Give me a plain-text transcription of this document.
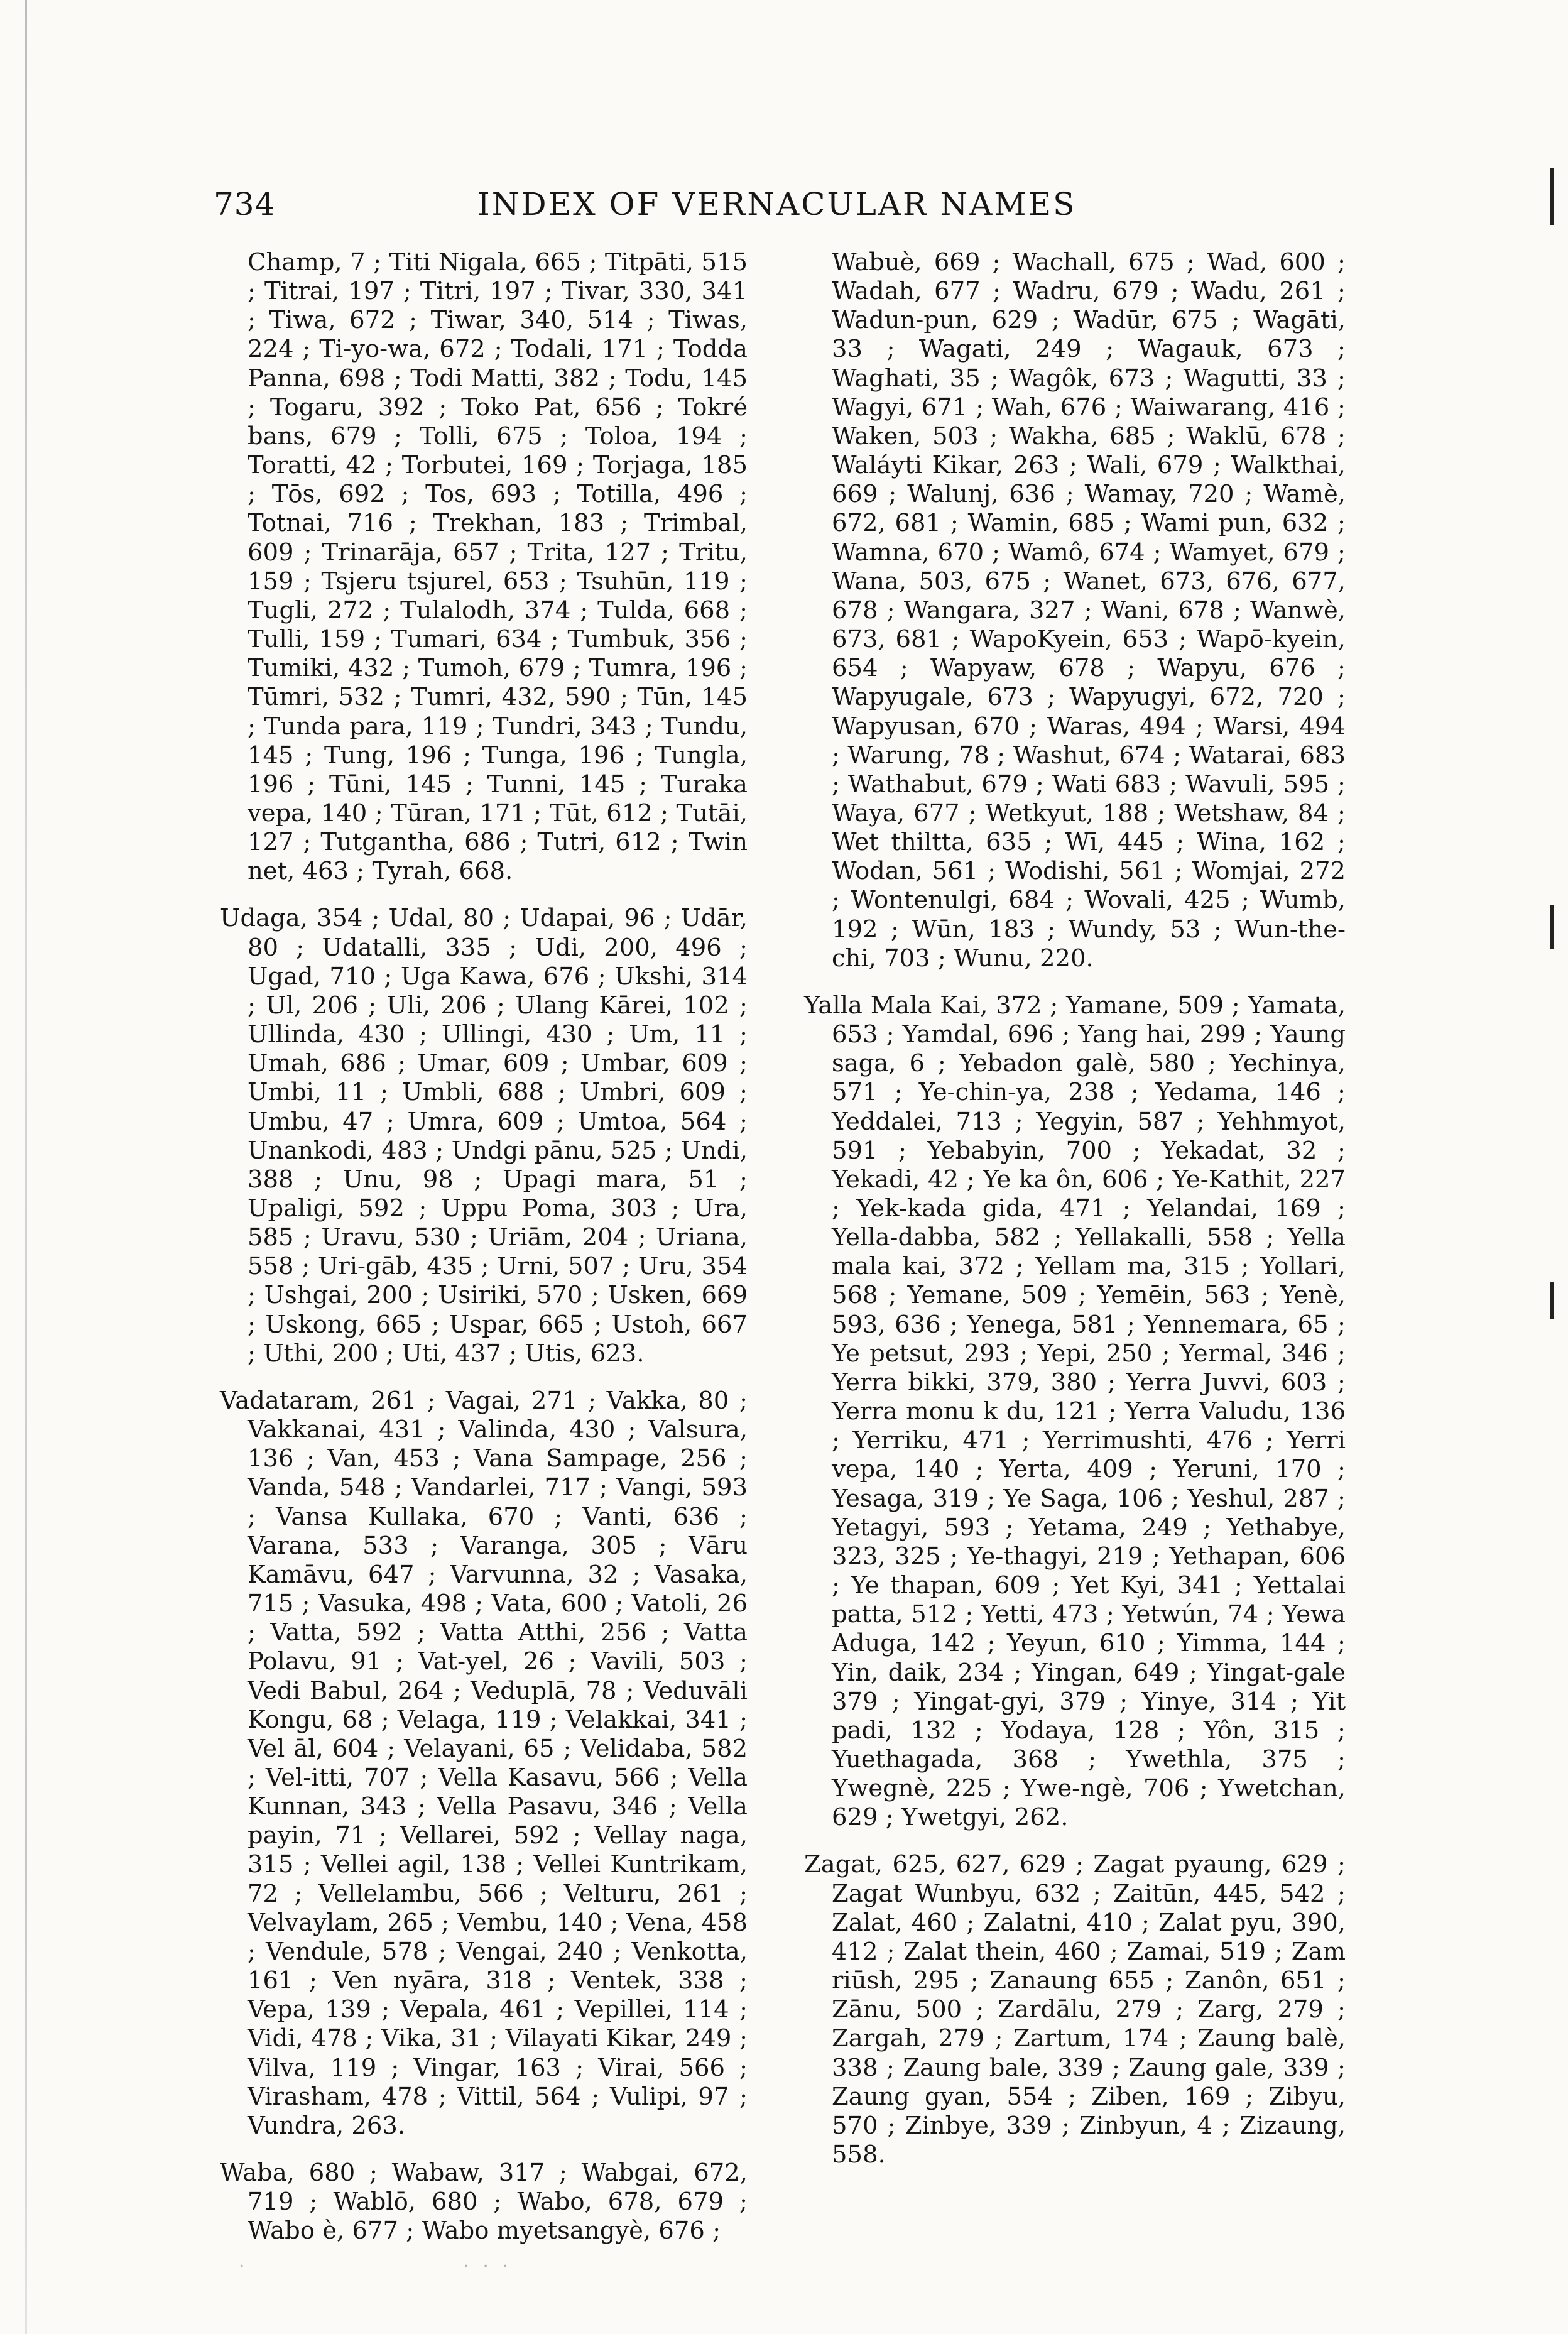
734	INDEX OF VERNACULAR NAMES

Champ, 7 ; Titi Nigala, 665 ; Titpāti, 515 ; Titrai, 197 ; Titri, 197 ; Tivar, 330, 341 ; Tiwa, 672 ; Tiwar, 340, 514 ; Tiwas, 224 ; Ti-yo-wa, 672 ; Todali, 171 ; Todda Panna, 698 ; Todi Matti, 382 ; Todu, 145 ; Togaru, 392 ; Toko Pat, 656 ; Tokré bans, 679 ; Tolli, 675 ; Toloa, 194 ; Toratti, 42 ; Torbutei, 169 ; Torjaga, 185 ; Tōs, 692 ; Tos, 693 ; Totilla, 496 ; Totnai, 716 ; Trekhan, 183 ; Trimbal, 609 ; Trinarāja, 657 ; Trita, 127 ; Tritu, 159 ; Tsjeru tsjurel, 653 ; Tsuhūn, 119 ; Tugli, 272 ; Tulalodh, 374 ; Tulda, 668 ; Tulli, 159 ; Tumari, 634 ; Tumbuk, 356 ; Tumiki, 432 ; Tumoh, 679 ; Tumra, 196 ; Tūmri, 532 ; Tumri, 432, 590 ; Tūn, 145 ; Tunda para, 119 ; Tundri, 343 ; Tundu, 145 ; Tung, 196 ; Tunga, 196 ; Tungla, 196 ; Tūni, 145 ; Tunni, 145 ; Turaka vepa, 140 ; Tūran, 171 ; Tūt, 612 ; Tutāi, 127 ; Tutgantha, 686 ; Tutri, 612 ; Twin net, 463 ; Tyrah, 668.

Udaga, 354 ; Udal, 80 ; Udapai, 96 ; Udār, 80 ; Udatalli, 335 ; Udi, 200, 496 ; Ugad, 710 ; Uga Kawa, 676 ; Ukshi, 314 ; Ul, 206 ; Uli, 206 ; Ulang Kārei, 102 ; Ullinda, 430 ; Ullingi, 430 ; Um, 11 ; Umah, 686 ; Umar, 609 ; Umbar, 609 ; Umbi, 11 ; Umbli, 688 ; Umbri, 609 ; Umbu, 47 ; Umra, 609 ; Umtoa, 564 ; Unankodi, 483 ; Undgi pānu, 525 ; Undi, 388 ; Unu, 98 ; Upagi mara, 51 ; Upaligi, 592 ; Uppu Poma, 303 ; Ura, 585 ; Uravu, 530 ; Uriām, 204 ; Uriana, 558 ; Uri-gāb, 435 ; Urni, 507 ; Uru, 354 ; Ushgai, 200 ; Usiriki, 570 ; Usken, 669 ; Uskong, 665 ; Uspar, 665 ; Ustoh, 667 ; Uthi, 200 ; Uti, 437 ; Utis, 623.

Vadataram, 261 ; Vagai, 271 ; Vakka, 80 ; Vakkanai, 431 ; Valinda, 430 ; Valsura, 136 ; Van, 453 ; Vana Sampage, 256 ; Vanda, 548 ; Vandarlei, 717 ; Vangi, 593 ; Vansa Kullaka, 670 ; Vanti, 636 ; Varana, 533 ; Varanga, 305 ; Vāru Kamāvu, 647 ; Varvunna, 32 ; Vasaka, 715 ; Vasuka, 498 ; Vata, 600 ; Vatoli, 26 ; Vatta, 592 ; Vatta Atthi, 256 ; Vatta Polavu, 91 ; Vat-yel, 26 ; Vavili, 503 ; Vedi Babul, 264 ; Veduplā, 78 ; Veduvāli Kongu, 68 ; Velaga, 119 ; Velakkai, 341 ; Vel āl, 604 ; Velayani, 65 ; Velidaba, 582 ; Vel-itti, 707 ; Vella Kasavu, 566 ; Vella Kunnan, 343 ; Vella Pasavu, 346 ; Vella payin, 71 ; Vellarei, 592 ; Vellay naga, 315 ; Vellei agil, 138 ; Vellei Kuntrikam, 72 ; Vellelambu, 566 ; Velturu, 261 ; Velvaylam, 265 ; Vembu, 140 ; Vena, 458 ; Vendule, 578 ; Vengai, 240 ; Venkotta, 161 ; Ven nyāra, 318 ; Ventek, 338 ; Vepa, 139 ; Vepala, 461 ; Vepillei, 114 ; Vidi, 478 ; Vika, 31 ; Vilayati Kikar, 249 ; Vilva, 119 ; Vingar, 163 ; Virai, 566 ; Virasham, 478 ; Vittil, 564 ; Vulipi, 97 ; Vundra, 263.

Waba, 680 ; Wabaw, 317 ; Wabgai, 672, 719 ; Wablō, 680 ; Wabo, 678, 679 ; Wabo è, 677 ; Wabo myetsangyè, 676 ;

Wabuè, 669 ; Wachall, 675 ; Wad, 600 ; Wadah, 677 ; Wadru, 679 ; Wadu, 261 ; Wadun-pun, 629 ; Wadūr, 675 ; Wagāti, 33 ; Wagati, 249 ; Wagauk, 673 ; Waghati, 35 ; Wagôk, 673 ; Wagutti, 33 ; Wagyi, 671 ; Wah, 676 ; Waiwarang, 416 ; Waken, 503 ; Wakha, 685 ; Waklū, 678 ; Waláyti Kikar, 263 ; Wali, 679 ; Walkthai, 669 ; Walunj, 636 ; Wamay, 720 ; Wamè, 672, 681 ; Wamin, 685 ; Wami pun, 632 ; Wamna, 670 ; Wamô, 674 ; Wamyet, 679 ; Wana, 503, 675 ; Wanet, 673, 676, 677, 678 ; Wangara, 327 ; Wani, 678 ; Wanwè, 673, 681 ; WapoKyein, 653 ; Wapō-kyein, 654 ; Wapyaw, 678 ; Wapyu, 676 ; Wapyugale, 673 ; Wapyugyi, 672, 720 ; Wapyusan, 670 ; Waras, 494 ; Warsi, 494 ; Warung, 78 ; Washut, 674 ; Watarai, 683 ; Wathabut, 679 ; Wati 683 ; Wavuli, 595 ; Waya, 677 ; Wetkyut, 188 ; Wetshaw, 84 ; Wet thiltta, 635 ; Wī, 445 ; Wina, 162 ; Wodan, 561 ; Wodishi, 561 ; Womjai, 272 ; Wontenulgi, 684 ; Wovali, 425 ; Wumb, 192 ; Wūn, 183 ; Wundy, 53 ; Wun-the-chi, 703 ; Wunu, 220.

Yalla Mala Kai, 372 ; Yamane, 509 ; Yamata, 653 ; Yamdal, 696 ; Yang hai, 299 ; Yaung saga, 6 ; Yebadon galè, 580 ; Yechinya, 571 ; Ye-chin-ya, 238 ; Yedama, 146 ; Yeddalei, 713 ; Yegyin, 587 ; Yehhmyot, 591 ; Yebabyin, 700 ; Yekadat, 32 ; Yekadi, 42 ; Ye ka ôn, 606 ; Ye-Kathit, 227 ; Yek-kada gida, 471 ; Yelandai, 169 ; Yella-dabba, 582 ; Yellakalli, 558 ; Yella mala kai, 372 ; Yellam ma, 315 ; Yollari, 568 ; Yemane, 509 ; Yemēin, 563 ; Yenè, 593, 636 ; Yenega, 581 ; Yennemara, 65 ; Ye petsut, 293 ; Yepi, 250 ; Yermal, 346 ; Yerra bikki, 379, 380 ; Yerra Juvvi, 603 ; Yerra monu k du, 121 ; Yerra Valudu, 136 ; Yerriku, 471 ; Yerrimushti, 476 ; Yerri vepa, 140 ; Yerta, 409 ; Yeruni, 170 ; Yesaga, 319 ; Ye Saga, 106 ; Yeshul, 287 ; Yetagyi, 593 ; Yetama, 249 ; Yethabye, 323, 325 ; Ye-thagyi, 219 ; Yethapan, 606 ; Ye thapan, 609 ; Yet Kyi, 341 ; Yettalai patta, 512 ; Yetti, 473 ; Yetwún, 74 ; Yewa Aduga, 142 ; Yeyun, 610 ; Yimma, 144 ; Yin, daik, 234 ; Yingan, 649 ; Yingat-gale 379 ; Yingat-gyi, 379 ; Yinye, 314 ; Yit padi, 132 ; Yodaya, 128 ; Yôn, 315 ; Yuethagada, 368 ; Ywethla, 375 ; Ywegnè, 225 ; Ywe-ngè, 706 ; Ywetchan, 629 ; Ywetgyi, 262.

Zagat, 625, 627, 629 ; Zagat pyaung, 629 ; Zagat Wunbyu, 632 ; Zaitūn, 445, 542 ; Zalat, 460 ; Zalatni, 410 ; Zalat pyu, 390, 412 ; Zalat thein, 460 ; Zamai, 519 ; Zam riūsh, 295 ; Zanaung 655 ; Zanôn, 651 ; Zānu, 500 ; Zardālu, 279 ; Zarg, 279 ; Zargah, 279 ; Zartum, 174 ; Zaung balè, 338 ; Zaung bale, 339 ; Zaung gale, 339 ; Zaung gyan, 554 ; Ziben, 169 ; Zibyu, 570 ; Zinbye, 339 ; Zinbyun, 4 ; Zizaung, 558.

·                      · · ·
